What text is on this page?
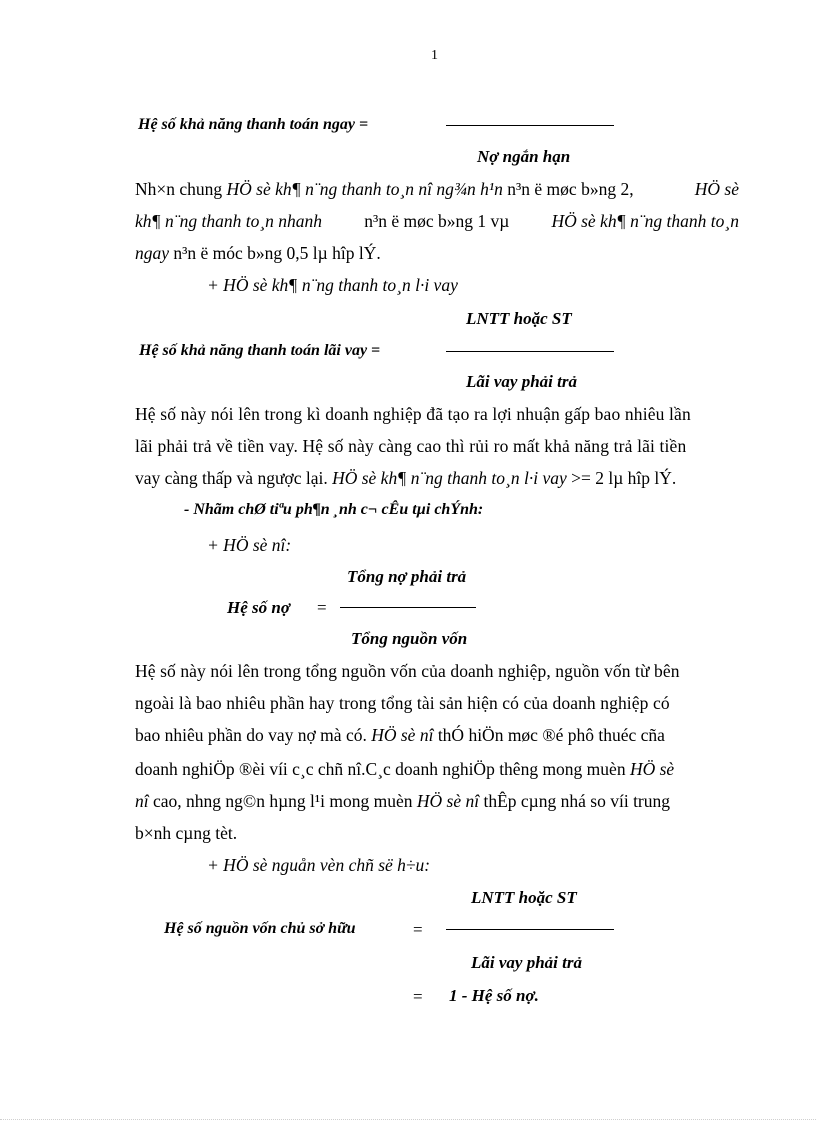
1
Hệ số khả năng thanh toán ngay =
Nợ ngắn hạn
Nh×n chung HÖ sè kh¶ n¨ng thanh to¸n nî ng¾n h¹n n³n ë møc b»ng 2,	HÖ sè
kh¶ n¨ng thanh to¸n nhanh n³n ë møc b»ng 1 vµ HÖ sè kh¶ n¨ng thanh to¸n
ngay n³n ë móc b»ng 0,5 lµ hîp lÝ.
+ HÖ sè kh¶ n¨ng thanh to¸n l·i vay
LNTT hoặc ST
Hệ số khả năng thanh toán lãi vay =
Lãi vay phải trả
Hệ số này nói lên trong kì doanh nghiệp đã tạo ra lợi nhuận gấp bao nhiêu lần
lãi phải trả về tiền vay. Hệ số này càng cao thì rủi ro mất khả năng trả lãi tiền
vay càng thấp và ngược lại. HÖ sè kh¶ n¨ng thanh to¸n l·i vay >= 2 lµ hîp lÝ.
- Nhãm chØ tiªu ph¶n ¸nh c¬ cÊu tµi chÝnh:
+ HÖ sè nî:
Tổng nợ phải trả
Hệ số nợ =
Tổng nguồn vốn
Hệ số này nói lên trong tổng nguồn vốn của doanh nghiệp, nguồn vốn từ bên
ngoài là bao nhiêu phần hay trong tổng tài sản hiện có của doanh nghiệp có
bao nhiêu phần do vay nợ mà có. HÖ sè nî thÓ hiÖn møc ®é phô thuéc cña
doanh nghiÖp ®èi víi c¸c chñ nî.C¸c doanh nghiÖp thêng mong muèn HÖ sè
nî cao, nhng ng©n hµng l¹i mong muèn HÖ sè nî thÊp cµng nhá so víi trung
b×nh cµng tèt.
+ HÖ sè nguån vèn chñ së h÷u:
LNTT hoặc ST
Hệ số nguồn vốn chủ sở hữu	=
Lãi vay phải trả
= 1 - Hệ số nợ.
